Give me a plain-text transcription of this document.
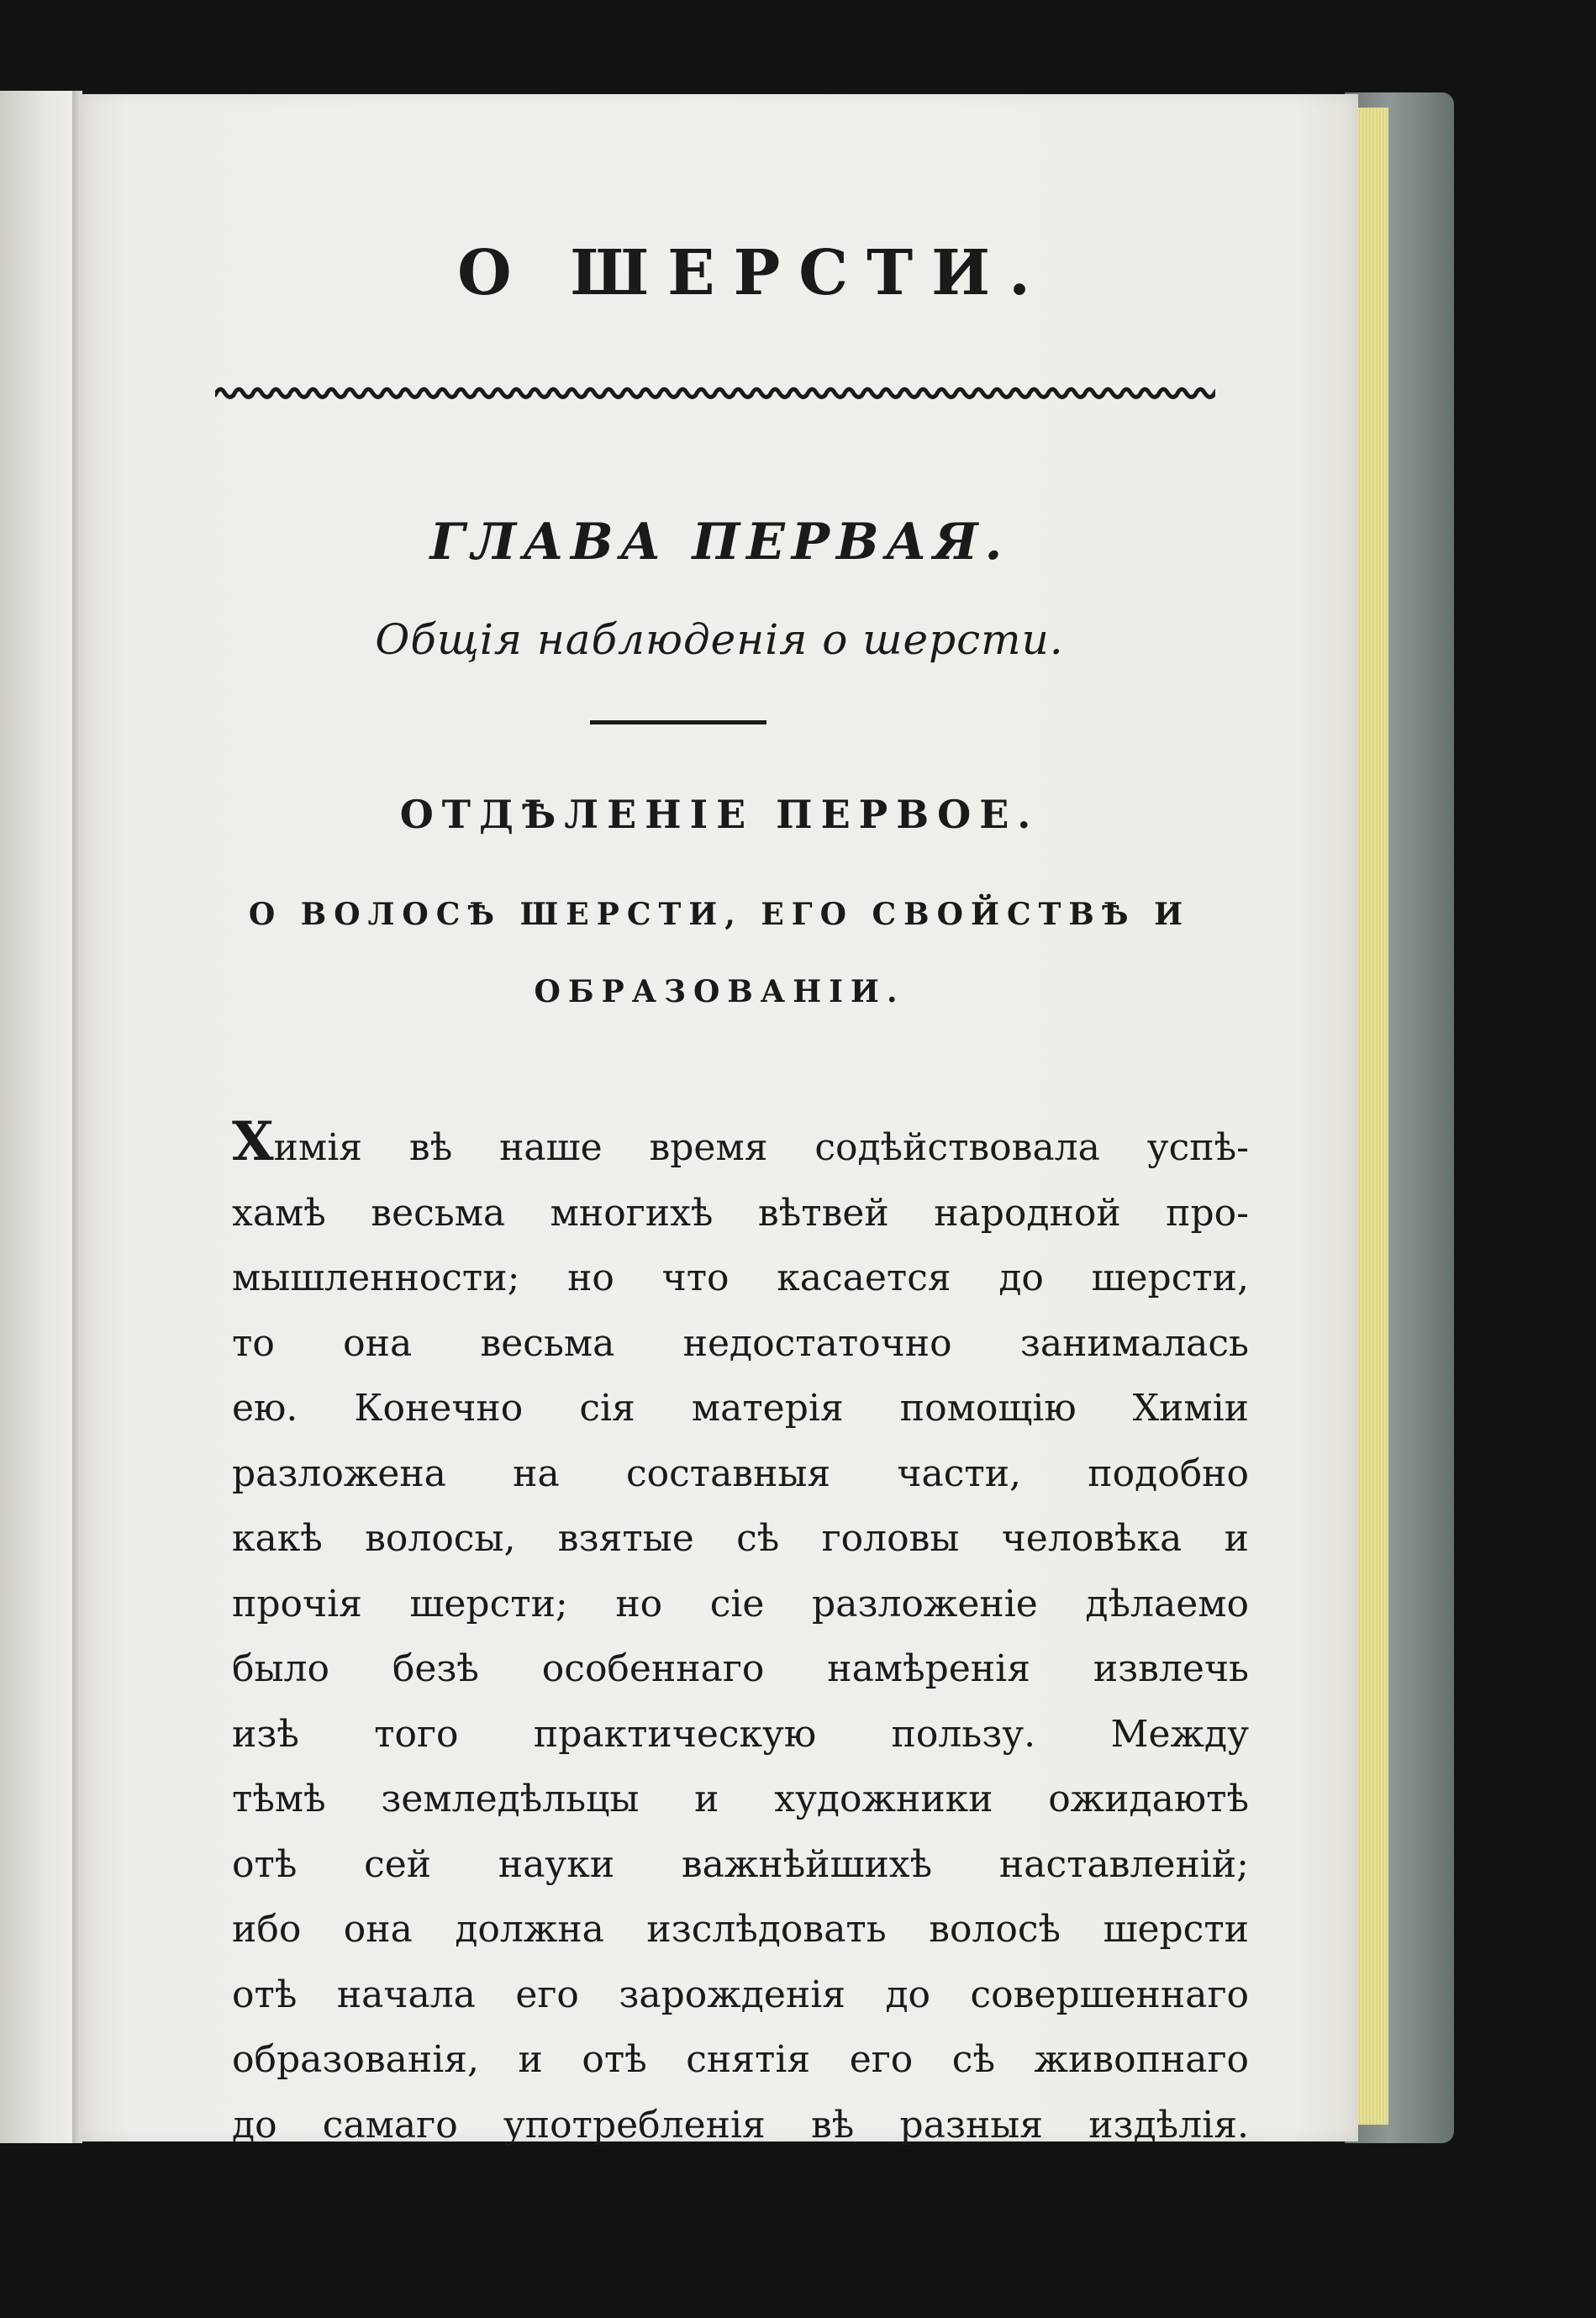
О ШЕРСТИ.
ГЛАВА ПЕРВАЯ.
Общія наблюденія о шерсти.
ОТДѢЛЕНІЕ ПЕРВОЕ.
О ВОЛОСѢ ШЕРСТИ, ЕГО СВОЙСТВѢ И
ОБРАЗОВАНІИ.
Химія вѣ наше время содѣйствовала успѣ-
хамѣ весьма многихѣ вѣтвей народной про-
мышленности; но что касается до шерсти,
то она весьма недостаточно занималась
ею. Конечно сія матерія помощію Химіи
разложена на составныя части, подобно
какѣ волосы, взятые сѣ головы человѣка и
прочія шерсти; но сіе разложеніе дѣлаемо
было безѣ особеннаго намѣренія извлечь
изѣ того практическую пользу. Между
тѣмѣ земледѣльцы и художники ожидаютѣ
отѣ сей науки важнѣйшихѣ наставленій;
ибо она должна изслѣдовать волосѣ шерсти
отѣ начала его зарожденія до совершеннаго
образованія, и отѣ снятія его сѣ живопнаго
до самаго употребленія вѣ разныя издѣлія.
